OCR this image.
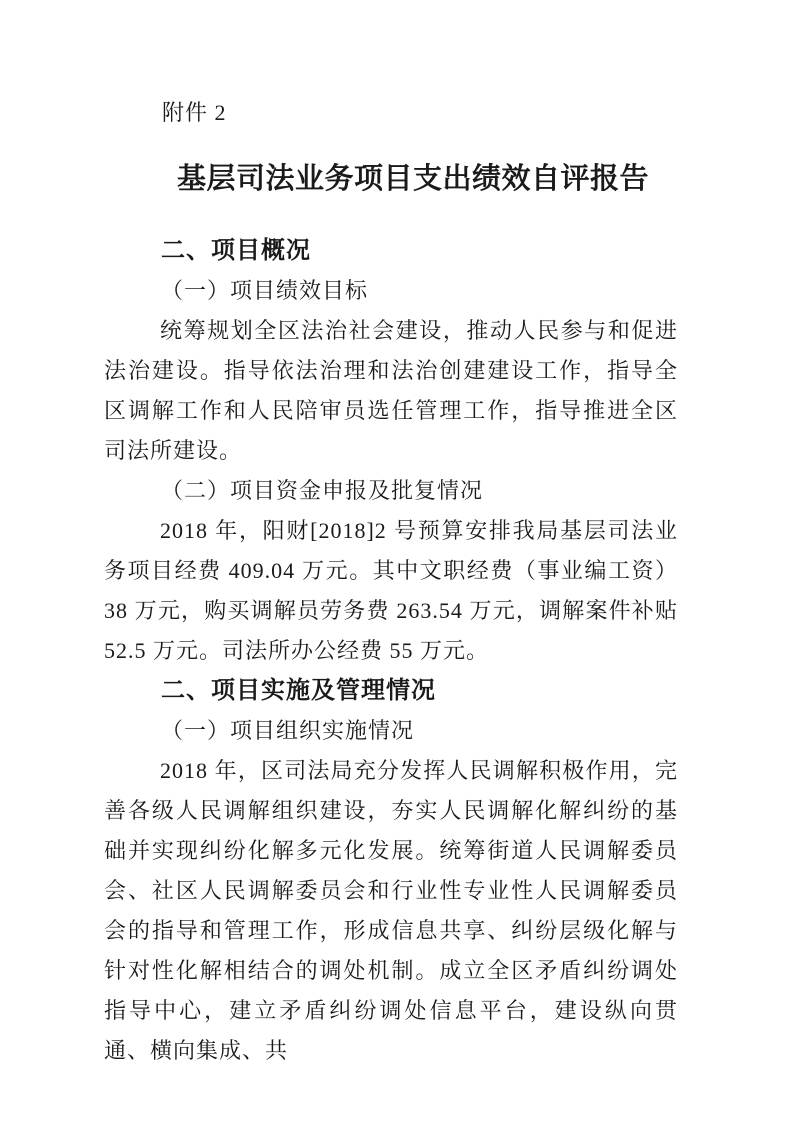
附件 2
基层司法业务项目支出绩效自评报告
二、项目概况

（一）项目绩效目标

统筹规划全区法治社会建设，推动人民参与和促进法治建设。指导依法治理和法治创建建设工作，指导全区调解工作和人民陪审员选任管理工作，指导推进全区司法所建设。

（二）项目资金申报及批复情况

2018 年，阳财[2018]2 号预算安排我局基层司法业务项目经费 409.04 万元。其中文职经费（事业编工资）38 万元，购买调解员劳务费 263.54 万元，调解案件补贴 52.5 万元。司法所办公经费 55 万元。

二、项目实施及管理情况

（一）项目组织实施情况

2018 年，区司法局充分发挥人民调解积极作用，完善各级人民调解组织建设，夯实人民调解化解纠纷的基础并实现纠纷化解多元化发展。统筹街道人民调解委员会、社区人民调解委员会和行业性专业性人民调解委员会的指导和管理工作，形成信息共享、纠纷层级化解与针对性化解相结合的调处机制。成立全区矛盾纠纷调处指导中心，建立矛盾纠纷调处信息平台，建设纵向贯通、横向集成、共
